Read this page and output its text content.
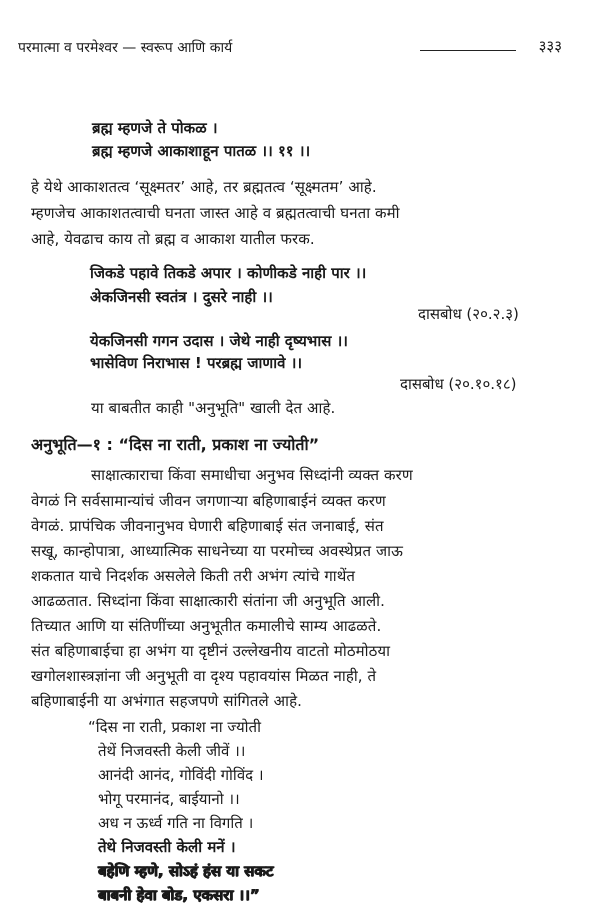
परमात्मा व परमेश्वर — स्वरूप आणि कार्य	३३३
ब्रह्म म्हणजे ते पोकळ ।
ब्रह्म म्हणजे आकाशाहून पातळ ।। ११ ।।
हे येथे आकाशतत्व ‘सूक्ष्मतर’ आहे, तर ब्रह्मतत्व ‘सूक्ष्मतम’ आहे.
म्हणजेच आकाशतत्वाची घनता जास्त आहे व ब्रह्मतत्वाची घनता कमी
आहे, येवढाच काय तो ब्रह्म व आकाश यातील फरक.
जिकडे पहावे तिकडे अपार । कोणीकडे नाही पार ।।
अेकजिनसी स्वतंत्र । दुसरे नाही ।।
दासबोध (२०.२.३)
येकजिनसी गगन उदास । जेथे नाही दृष्यभास ।।
भासेविण निराभास ! परब्रह्म जाणावे ।।
दासबोध (२०.१०.१८)
या बाबतीत काही "अनुभूति" खाली देत आहे.
अनुभूति—१ : “दिस ना राती, प्रकाश ना ज्योती”
साक्षात्काराचा किंवा समाधीचा अनुभव सिध्दांनी व्यक्त करण
वेगळं नि सर्वसामान्यांचं जीवन जगणाऱ्या बहिणाबाईनं व्यक्त करण
वेगळं. प्रापंचिक जीवनानुभव घेणारी बहिणाबाई संत जनाबाई, संत
सखू, कान्होपात्रा, आध्यात्मिक साधनेच्या या परमोच्च अवस्थेप्रत जाऊ
शकतात याचे निदर्शक असलेले किती तरी अभंग त्यांचे गाथेंत
आढळतात. सिध्दांना किंवा साक्षात्कारी संतांना जी अनुभूति आली.
तिच्यात आणि या संतिणींच्या अनुभूतीत कमालीचे साम्य आढळते.
संत बहिणाबाईचा हा अभंग या दृष्टीनं उल्लेखनीय वाटतो मोठमोठया
खगोलशास्त्रज्ञांना जी अनुभूती वा दृश्य पहावयांस मिळत नाही, ते
बहिणाबाईनी या अभंगात सहजपणे सांगितले आहे.
“दिस ना राती, प्रकाश ना ज्योती
तेथें निजवस्ती केली जीवें ।।
आनंदी आनंद, गोविंदी गोविंद ।
भोगू परमानंद, बाईयानो ।।
अध न ऊर्ध्व गति ना विगति ।
तेथे निजवस्ती केली मनें ।
बहेणि म्हणे, सोऽहं हंस या सकट
बाबनी हेवा बोड, एकसरा ।।”
